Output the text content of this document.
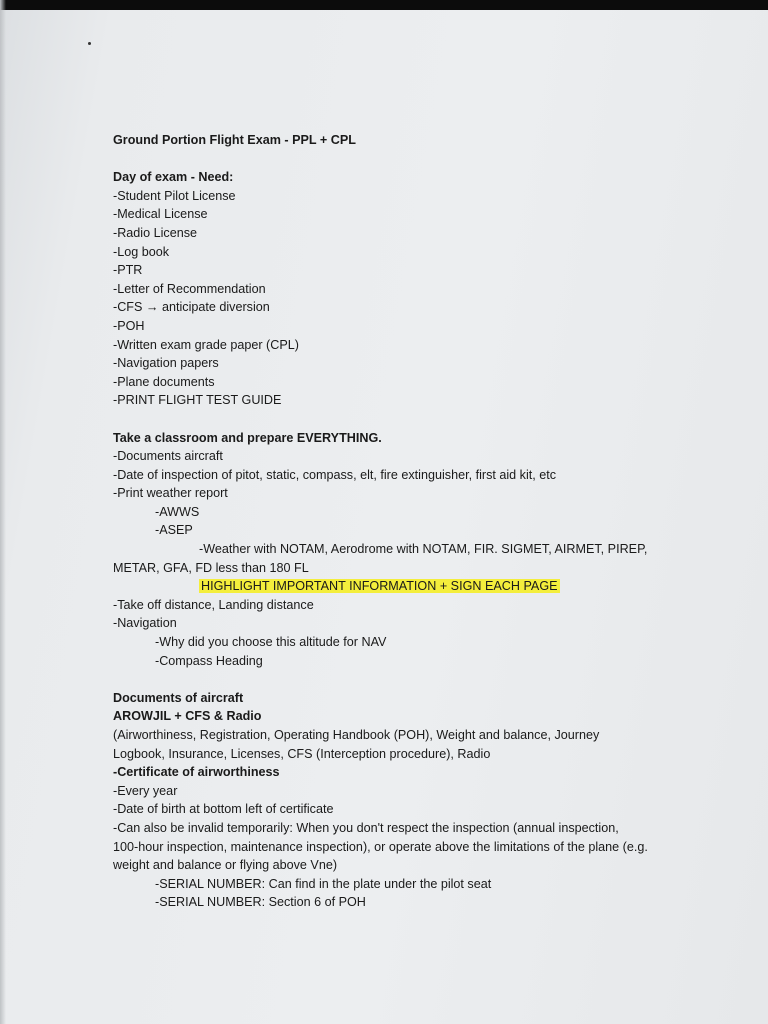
Ground Portion Flight Exam - PPL + CPL
Day of exam - Need:
-Student Pilot License
-Medical License
-Radio License
-Log book
-PTR
-Letter of Recommendation
-CFS → anticipate diversion
-POH
-Written exam grade paper (CPL)
-Navigation papers
-Plane documents
-PRINT FLIGHT TEST GUIDE
Take a classroom and prepare EVERYTHING.
-Documents aircraft
-Date of inspection of pitot, static, compass, elt, fire extinguisher, first aid kit, etc
-Print weather report
-AWWS
-ASEP
-Weather with NOTAM, Aerodrome with NOTAM, FIR. SIGMET, AIRMET, PIREP,
METAR, GFA, FD less than 180 FL
HIGHLIGHT IMPORTANT INFORMATION + SIGN EACH PAGE
-Take off distance, Landing distance
-Navigation
-Why did you choose this altitude for NAV
-Compass Heading
Documents of aircraft
AROWJIL + CFS & Radio
(Airworthiness, Registration, Operating Handbook (POH), Weight and balance, Journey
Logbook, Insurance, Licenses, CFS (Interception procedure), Radio
-Certificate of airworthiness
-Every year
-Date of birth at bottom left of certificate
-Can also be invalid temporarily: When you don't respect the inspection (annual inspection,
100-hour inspection, maintenance inspection), or operate above the limitations of the plane (e.g.
weight and balance or flying above Vne)
-SERIAL NUMBER: Can find in the plate under the pilot seat
-SERIAL NUMBER: Section 6 of POH
